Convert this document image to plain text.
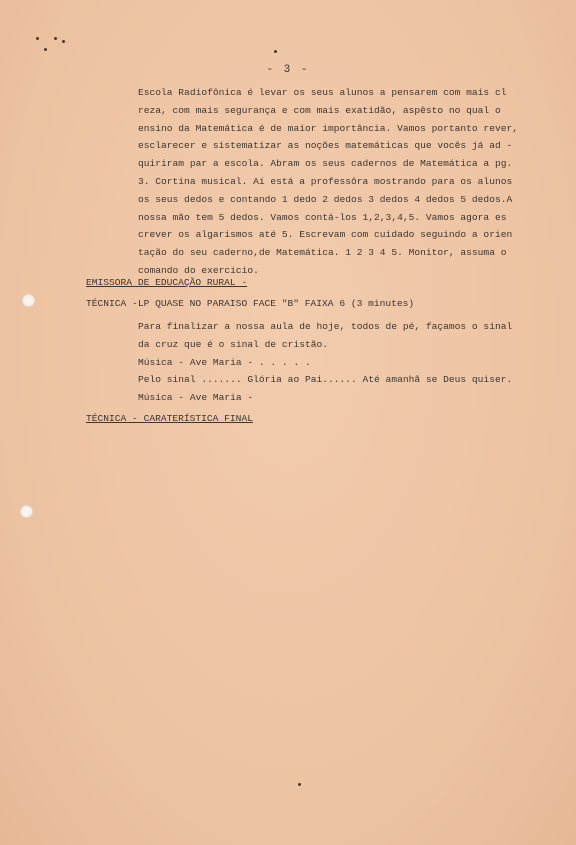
- 3 -
Escola Radiofônica é levar os seus alunos a pensarem com mais cl
reza, com mais segurança e com mais exatidão, aspêsto no qual o
ensino da Matemática é de maior importância. Vamos portanto rever,
esclarecer e sistematizar as noções matemáticas que vocês já ad -
quiriram par a escola. Abram os seus cadernos de Matemática a pg.
3. Cortina musical. Aí está a professôra mostrando para os alunos
os seus dedos e contando 1 dedo 2 dedos 3 dedos 4 dedos 5 dedos.A
nossa mão tem 5 dedos. Vamos contá-los 1,2,3,4,5. Vamos agora es
crever os algarismos até 5. Escrevam com cuidado seguindo a orien
tação do seu caderno,de Matemática. 1 2 3 4 5. Monitor, assuma o
comando do exercício.
EMISSORA DE EDUCAÇÃO RURAL -
TÉCNICA -LP QUASE NO PARAISO FACE "B" FAIXA 6 (3 minutes)
Para finalizar a nossa aula de hoje, todos de pé, façamos o sinal
da cruz que é o sinal de cristão.
Música - Ave Maria - . . . . .
Pelo sinal ....... Glória ao Pai...... Até amanhã se Deus quiser.
Música - Ave Maria -
TÉCNICA - CARATERÍSTICA FINAL
